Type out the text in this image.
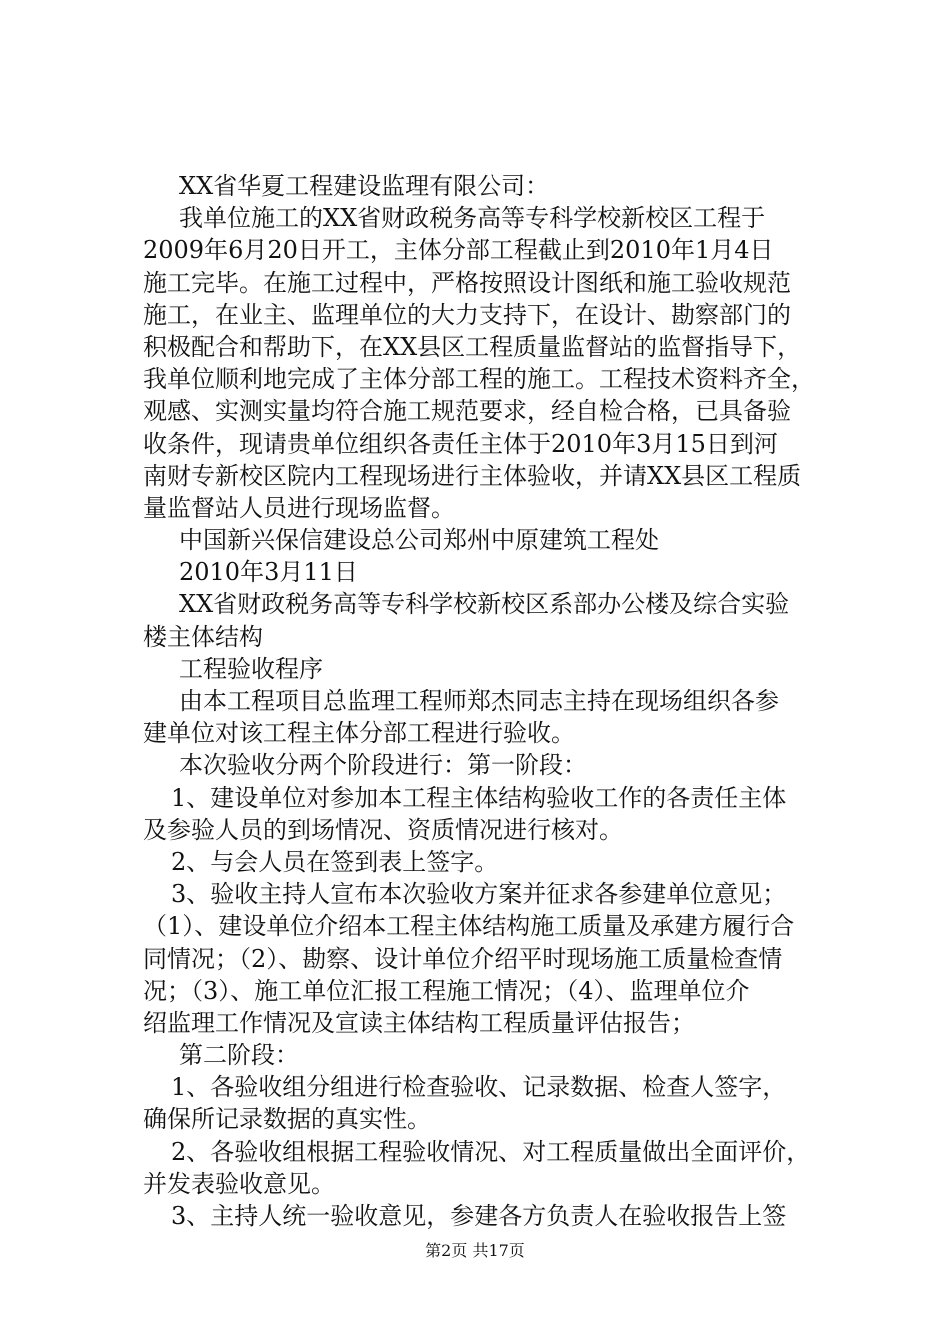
XX省华夏工程建设监理有限公司：
我单位施工的XX省财政税务高等专科学校新校区工程于
2009年6月20日开工，主体分部工程截止到2010年1月4日
施工完毕。在施工过程中，严格按照设计图纸和施工验收规范
施工，在业主、监理单位的大力支持下，在设计、勘察部门的
积极配合和帮助下，在XX县区工程质量监督站的监督指导下，
我单位顺利地完成了主体分部工程的施工。工程技术资料齐全，
观感、实测实量均符合施工规范要求，经自检合格，已具备验
收条件，现请贵单位组织各责任主体于2010年3月15日到河
南财专新校区院内工程现场进行主体验收，并请XX县区工程质
量监督站人员进行现场监督。
中国新兴保信建设总公司郑州中原建筑工程处
2010年3月11日
XX省财政税务高等专科学校新校区系部办公楼及综合实验
楼主体结构
工程验收程序
由本工程项目总监理工程师郑杰同志主持在现场组织各参
建单位对该工程主体分部工程进行验收。
本次验收分两个阶段进行：第一阶段：
1、建设单位对参加本工程主体结构验收工作的各责任主体
及参验人员的到场情况、资质情况进行核对。
2、与会人员在签到表上签字。
3、验收主持人宣布本次验收方案并征求各参建单位意见；
（1）、建设单位介绍本工程主体结构施工质量及承建方履行合
同情况；（2）、勘察、设计单位介绍平时现场施工质量检查情
况；（3）、施工单位汇报工程施工情况；（4）、监理单位介
绍监理工作情况及宣读主体结构工程质量评估报告；
第二阶段：
1、各验收组分组进行检查验收、记录数据、检查人签字，
确保所记录数据的真实性。
2、各验收组根据工程验收情况、对工程质量做出全面评价，
并发表验收意见。
3、主持人统一验收意见，参建各方负责人在验收报告上签
第2页 共17页
